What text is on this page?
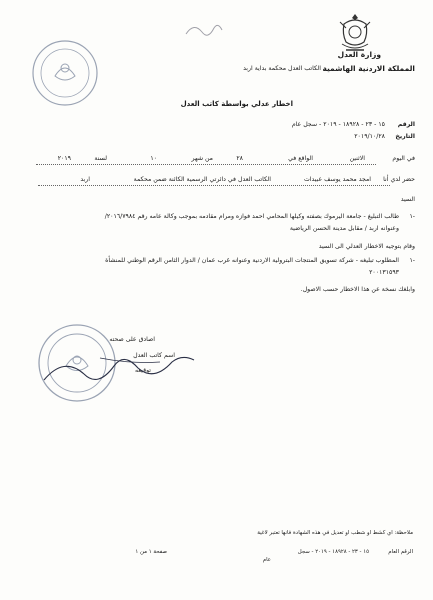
وزارة العدل
المملكة الاردنية الهاشمية
الكاتب العدل محكمة بداية اربد
اخطار عدلي بواسطة كاتب العدل
الرقم
١٥ - ٢٣ - ١٨٩٢٨ - ٢٠١٩ - سجل عام
التاريخ
٢٠١٩/١٠/٢٨
في اليوم
الاثنين
الواقع في
٢٨
من شهر
١٠
لسنة
٢٠١٩
حضر لدي أنا
امجد محمد يوسف عبيدات
الكاتب العدل في دائرتي الرسمية الكائنة ضمن محكمة
اربد
السيد
١-
طالب التبليغ - جامعة اليرموك بصفته وكيلها المحامي احمد فوازه ومرام مقادمه بموجب وكالة عامه رقم ٢٠١٦/٧٩٨٤/
وعنوانه اربد / مقابل مدينة الحسن الرياضية
وقام بتوجيه الاخطار العدلي الى السيد
١-
المطلوب تبليغه - شركة تسويق المنتجات البترولية الاردنية وعنوانه غرب عمان / الدوار الثامن الرقم الوطني للمنشأة
٢٠٠١٣١٥٩٣
وابلغك نسخة عن هذا الاخطار حسب الاصول.
اصادق على صحته
اسم كاتب العدل
توقيعه
ملاحظة: اي كشط او شطب او تعديل في هذه الشهادة فانها تعتبر لاغية
الرقم العام
١٥ - ٢٣ - ١٨٩٢٨ - ٢٠١٩ - سجل
عام
صفحة ١ من ١
